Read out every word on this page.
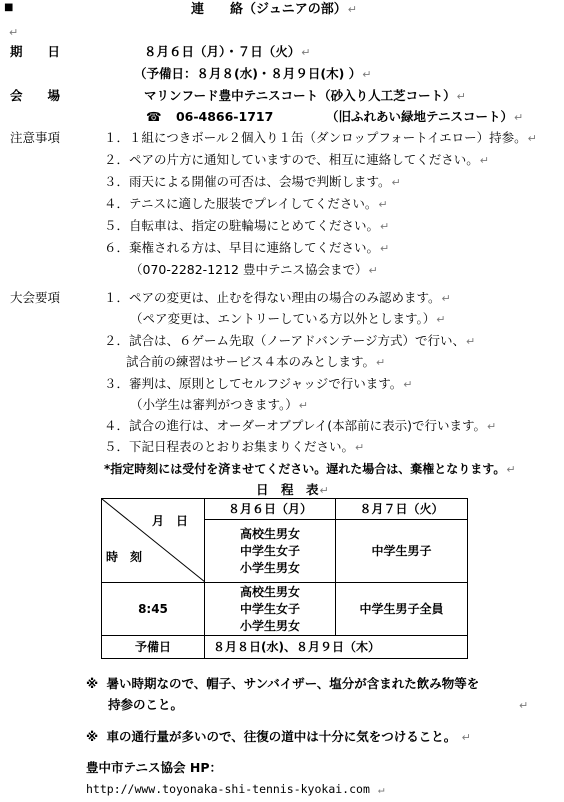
■	連　　絡（ジュニアの部） ↵
↵
期　　日	８月６日（月）・７日（火） ↵
（予備日：８月８(水)・８月９日(木) ） ↵
会　　場	マリンフード豊中テニスコート（砂入り人工芝コート） ↵
☎ 06-4866-1717	（旧ふれあい緑地テニスコート） ↵
注意事項	１．１組につきボール２個入り１缶（ダンロップフォートイエロー）持参。 ↵
２．ペアの片方に通知していますので、相互に連絡してください。 ↵
３．雨天による開催の可否は、会場で判断します。 ↵
４．テニスに適した服装でプレイしてください。 ↵
５．自転車は、指定の駐輪場にとめてください。 ↵
６．棄権される方は、早目に連絡してください。 ↵
（070-2282-1212 豊中テニス協会まで） ↵
大会要項	１．ペアの変更は、止むを得ない理由の場合のみ認めます。 ↵
（ペア変更は、エントリーしている方以外とします。） ↵
２．試合は、６ゲーム先取（ノーアドバンテージ方式）で行い、 ↵
試合前の練習はサービス４本のみとします。 ↵
３．審判は、原則としてセルフジャッジで行います。 ↵
（小学生は審判がつきます。） ↵
４．試合の進行は、オーダーオブプレイ(本部前に表示)で行います。 ↵
５．下記日程表のとおりお集まりください。 ↵
*指定時刻には受付を済ませてください。遅れた場合は、棄権となります。 ↵
日　程　表 ↵
月　日
時　刻	８月６日（月）	８月７日（火）

	高校生男女
中学生女子
小学生男女	中学生男子
8:45	高校生男女
中学生女子
小学生男女	中学生男子全員
予備日	８月８日(水)、８月９日（木）	
※ 暑い時期なので、帽子、サンバイザー、塩分が含まれた飲み物等を
持参のこと。	↵
※ 車の通行量が多いので、往復の道中は十分に気をつけること。 ↵
豊中市テニス協会 HP：
http://www.toyonaka-shi-tennis-kyokai.com ↵
